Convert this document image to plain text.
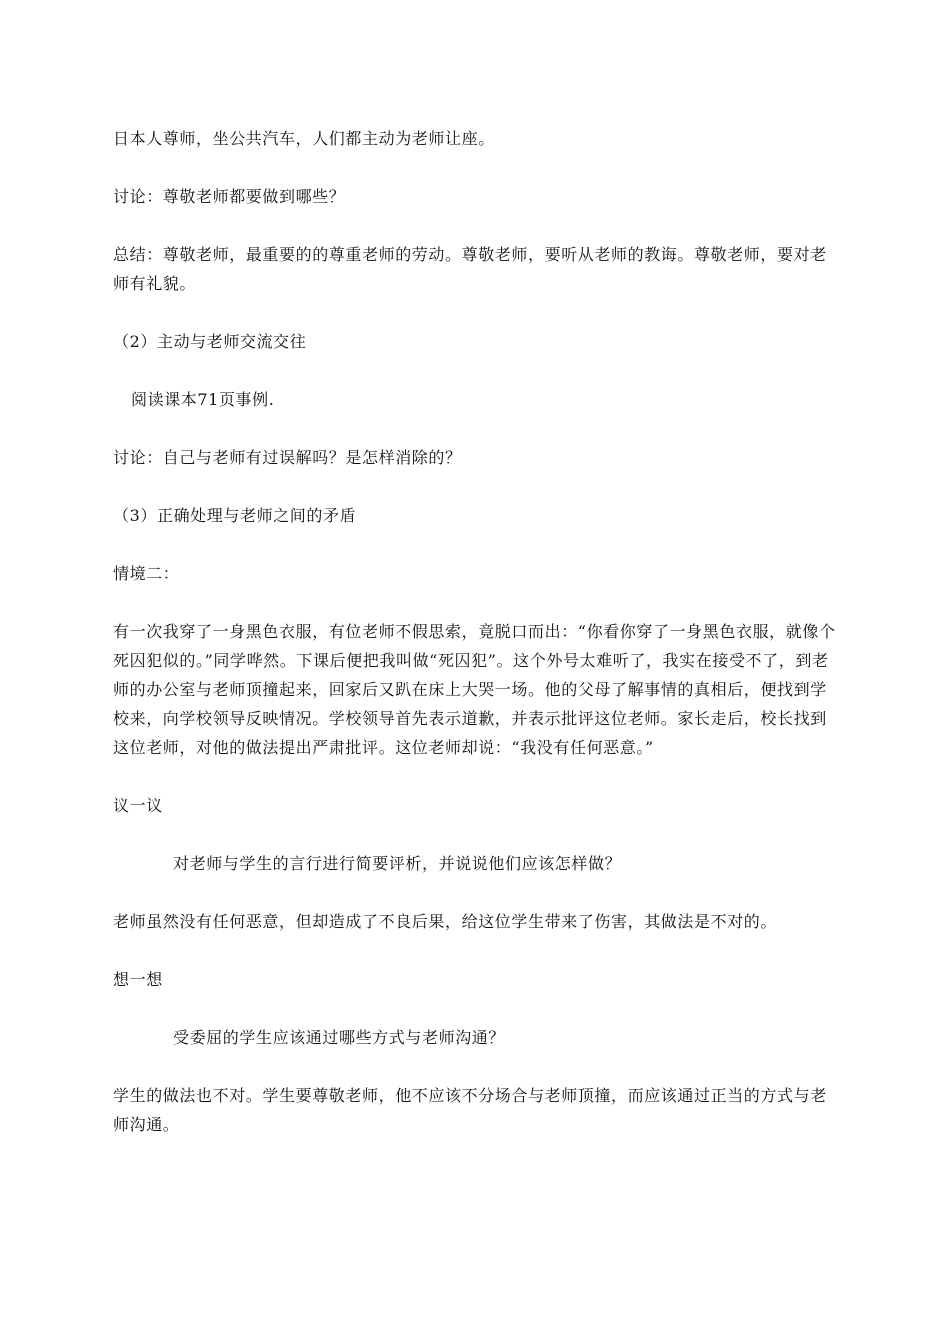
日本人尊师，坐公共汽车，人们都主动为老师让座。

讨论：尊敬老师都要做到哪些？

总结：尊敬老师，最重要的的尊重老师的劳动。尊敬老师，要听从老师的教诲。尊敬老师，要对老师有礼貌。

（2）主动与老师交流交往

阅读课本71页事例.

讨论：自己与老师有过误解吗？是怎样消除的？

（3）正确处理与老师之间的矛盾

情境二：

有一次我穿了一身黑色衣服，有位老师不假思索，竟脱口而出：“你看你穿了一身黑色衣服，就像个死囚犯似的。”同学哗然。下课后便把我叫做“死囚犯”。这个外号太难听了，我实在接受不了，到老师的办公室与老师顶撞起来，回家后又趴在床上大哭一场。他的父母了解事情的真相后，便找到学校来，向学校领导反映情况。学校领导首先表示道歉，并表示批评这位老师。家长走后，校长找到这位老师，对他的做法提出严肃批评。这位老师却说：“我没有任何恶意。”

议一议

对老师与学生的言行进行简要评析，并说说他们应该怎样做？

老师虽然没有任何恶意，但却造成了不良后果，给这位学生带来了伤害，其做法是不对的。

想一想

受委屈的学生应该通过哪些方式与老师沟通？

学生的做法也不对。学生要尊敬老师，他不应该不分场合与老师顶撞，而应该通过正当的方式与老师沟通。
